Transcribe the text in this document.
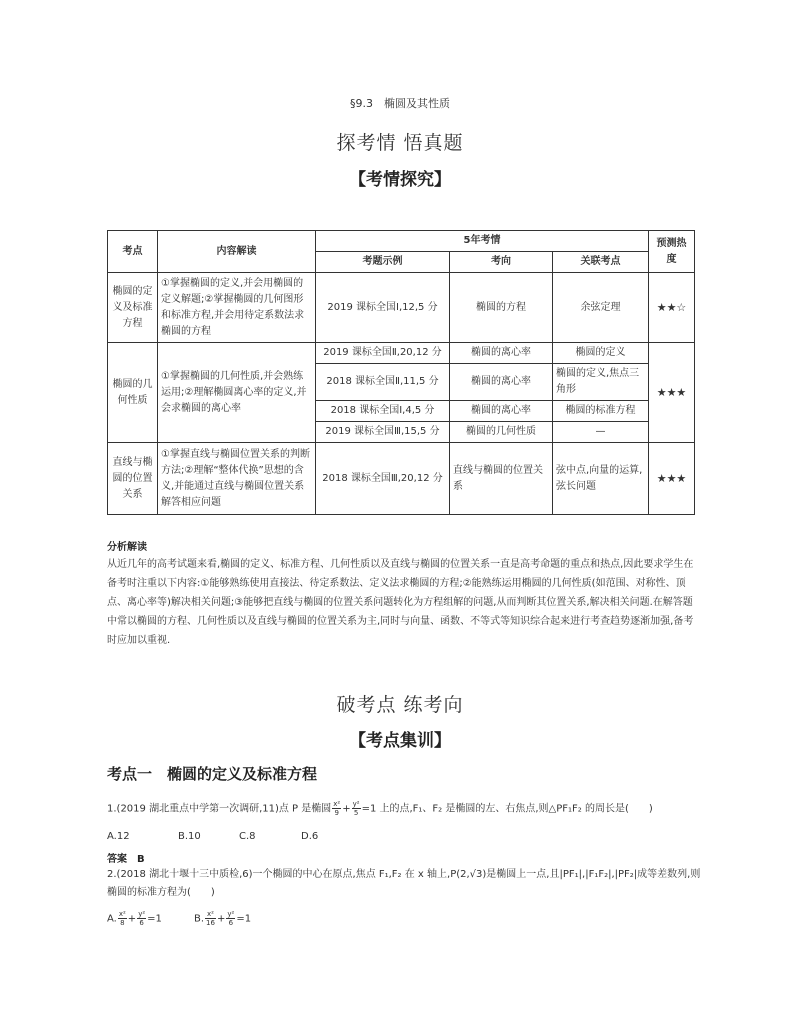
§9.3　椭圆及其性质
探考情 悟真题
【考情探究】
考点	内容解读	5年考情			预测热度
		考题示例	考向	关联考点	
椭圆的定义及标准方程	①掌握椭圆的定义,并会用椭圆的定义解题;②掌握椭圆的几何图形和标准方程,并会用待定系数法求椭圆的方程	2019 课标全国Ⅰ,12,5 分	椭圆的方程	余弦定理	★★☆
椭圆的几何性质	①掌握椭圆的几何性质,并会熟练运用;②理解椭圆离心率的定义,并会求椭圆的离心率	2019 课标全国Ⅱ,20,12 分	椭圆的离心率	椭圆的定义	★★★
		2018 课标全国Ⅱ,11,5 分	椭圆的离心率	椭圆的定义,焦点三角形	
		2018 课标全国Ⅰ,4,5 分	椭圆的离心率	椭圆的标准方程	
		2019 课标全国Ⅲ,15,5 分	椭圆的几何性质	—	
直线与椭圆的位置关系	①掌握直线与椭圆位置关系的判断方法;②理解“整体代换”思想的含义,并能通过直线与椭圆位置关系解答相应问题	2018 课标全国Ⅲ,20,12 分	直线与椭圆的位置关系	弦中点,向量的运算,弦长问题	★★★
分析解读
从近几年的高考试题来看,椭圆的定义、标准方程、几何性质以及直线与椭圆的位置关系一直是高考命题的重点和热点,因此要求学生在备考时注重以下内容:①能够熟练使用直接法、待定系数法、定义法求椭圆的方程;②能熟练运用椭圆的几何性质(如范围、对称性、顶点、离心率等)解决相关问题;③能够把直线与椭圆的位置关系问题转化为方程组解的问题,从而判断其位置关系,解决相关问题.在解答题中常以椭圆的方程、几何性质以及直线与椭圆的位置关系为主,同时与向量、函数、不等式等知识综合起来进行考查趋势逐渐加强,备考时应加以重视.
破考点 练考向
【考点集训】
考点一　椭圆的定义及标准方程
1.(2019 湖北重点中学第一次调研,11)点 P 是椭圆 $\frac{\text{x²}}{9} + \frac{\text{y²}}{5} =1$ 上的点,F₁、F₂ 是椭圆的左、右焦点,则△PF₁F₂ 的周长是(　　)
A.12	B.10	C.8	D.6
答案　B
2.(2018 湖北十堰十三中质检,6)一个椭圆的中心在原点,焦点 F₁,F₂ 在 x 轴上,P(2,√3)是椭圆上一点,且|PF₁|,|F₁F₂|,|PF₂|成等差数列,则
椭圆的标准方程为(　　)
A. $\frac{\text{x²}}{8} + \frac{\text{y²}}{6} =1$	B. $\frac{\text{x²}}{16} + \frac{\text{y²}}{6} =1$
